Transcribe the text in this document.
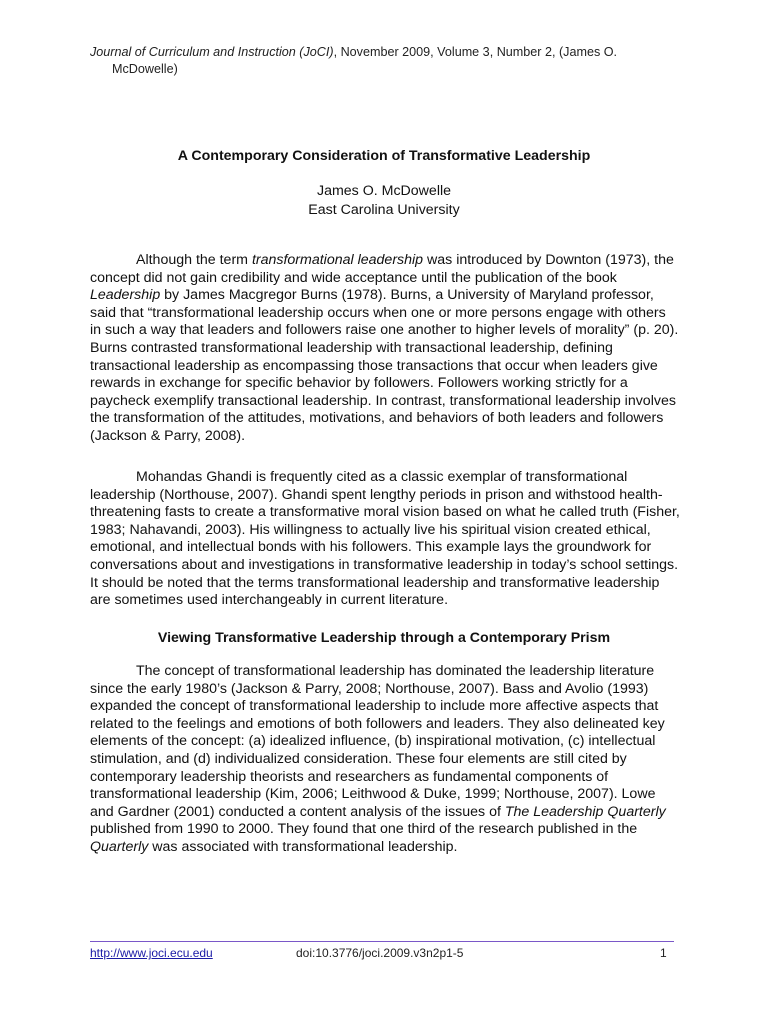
Journal of Curriculum and Instruction (JoCI), November 2009, Volume 3, Number 2, (James O.
McDowelle)
A Contemporary Consideration of Transformative Leadership
James O. McDowelle
East Carolina University

Although the term transformational leadership was introduced by Downton (1973), the concept did not gain credibility and wide acceptance until the publication of the book Leadership by James Macgregor Burns (1978). Burns, a University of Maryland professor, said that “transformational leadership occurs when one or more persons engage with others in such a way that leaders and followers raise one another to higher levels of morality” (p. 20). Burns contrasted transformational leadership with transactional leadership, defining transactional leadership as encompassing those transactions that occur when leaders give rewards in exchange for specific behavior by followers. Followers working strictly for a paycheck exemplify transactional leadership. In contrast, transformational leadership involves the transformation of the attitudes, motivations, and behaviors of both leaders and followers (Jackson & Parry, 2008).

Mohandas Ghandi is frequently cited as a classic exemplar of transformational leadership (Northouse, 2007). Ghandi spent lengthy periods in prison and withstood health-threatening fasts to create a transformative moral vision based on what he called truth (Fisher, 1983; Nahavandi, 2003). His willingness to actually live his spiritual vision created ethical, emotional, and intellectual bonds with his followers. This example lays the groundwork for conversations about and investigations in transformative leadership in today’s school settings. It should be noted that the terms transformational leadership and transformative leadership are sometimes used interchangeably in current literature.

Viewing Transformative Leadership through a Contemporary Prism

The concept of transformational leadership has dominated the leadership literature since the early 1980’s (Jackson & Parry, 2008; Northouse, 2007). Bass and Avolio (1993) expanded the concept of transformational leadership to include more affective aspects that related to the feelings and emotions of both followers and leaders. They also delineated key elements of the concept: (a) idealized influence, (b) inspirational motivation, (c) intellectual stimulation, and (d) individualized consideration. These four elements are still cited by contemporary leadership theorists and researchers as fundamental components of transformational leadership (Kim, 2006; Leithwood & Duke, 1999; Northouse, 2007). Lowe and Gardner (2001) conducted a content analysis of the issues of The Leadership Quarterly published from 1990 to 2000. They found that one third of the research published in the Quarterly was associated with transformational leadership.

http://www.joci.ecu.edu	doi:10.3776/joci.2009.v3n2p1-5	1
